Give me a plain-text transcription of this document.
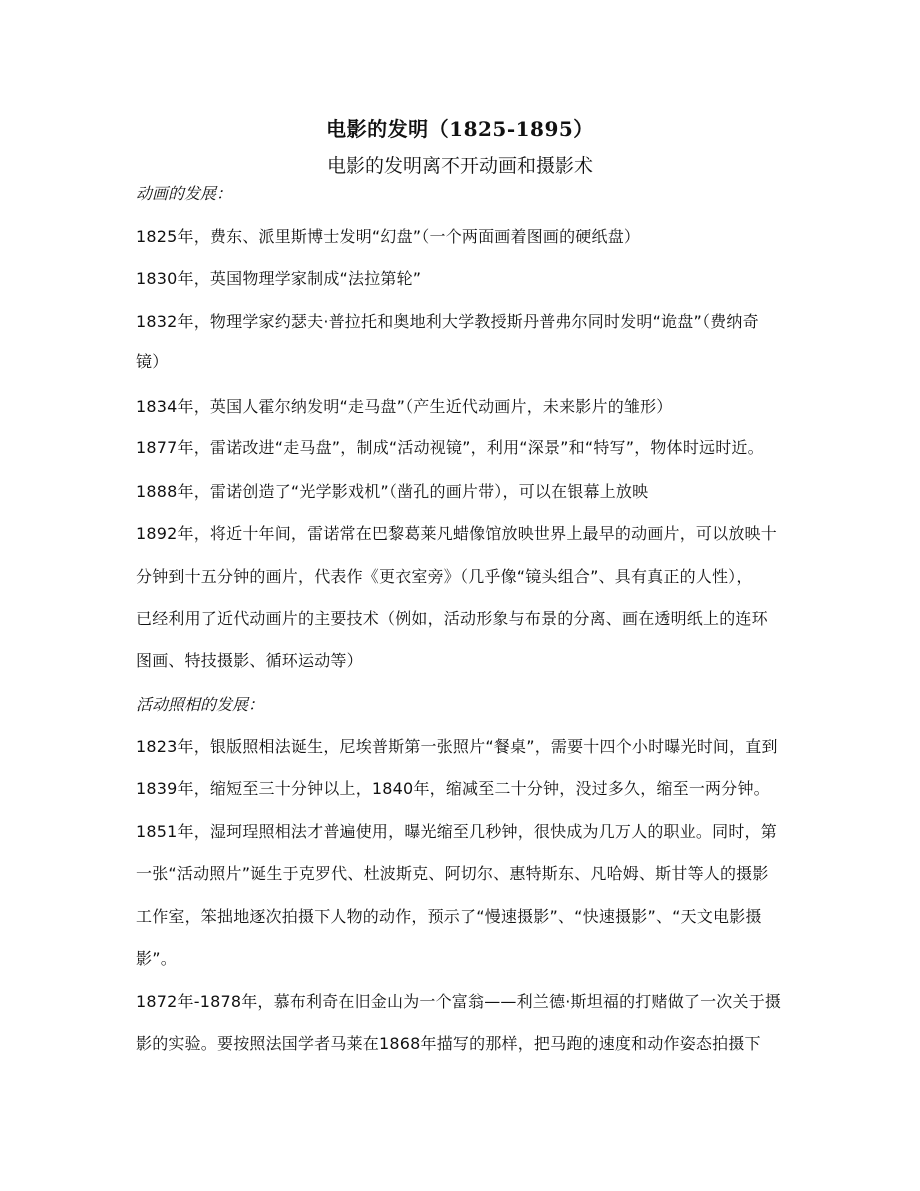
电影的发明（1825-1895）
电影的发明离不开动画和摄影术
动画的发展：
1825年，费东、派里斯博士发明“幻盘”（一个两面画着图画的硬纸盘）
1830年，英国物理学家制成“法拉第轮”
1832年，物理学家约瑟夫·普拉托和奥地利大学教授斯丹普弗尔同时发明“诡盘”（费纳奇
镜）
1834年，英国人霍尔纳发明“走马盘”（产生近代动画片，未来影片的雏形）
1877年，雷诺改进“走马盘”，制成“活动视镜”，利用“深景”和“特写”，物体时远时近。
1888年，雷诺创造了“光学影戏机”（凿孔的画片带），可以在银幕上放映
1892年，将近十年间，雷诺常在巴黎葛莱凡蜡像馆放映世界上最早的动画片，可以放映十
分钟到十五分钟的画片，代表作《更衣室旁》（几乎像“镜头组合”、具有真正的人性），
已经利用了近代动画片的主要技术（例如，活动形象与布景的分离、画在透明纸上的连环
图画、特技摄影、循环运动等）
活动照相的发展：
1823年，银版照相法诞生，尼埃普斯第一张照片“餐桌”，需要十四个小时曝光时间，直到
1839年，缩短至三十分钟以上，1840年，缩减至二十分钟，没过多久，缩至一两分钟。
1851年，湿珂珵照相法才普遍使用，曝光缩至几秒钟，很快成为几万人的职业。同时，第
一张“活动照片”诞生于克罗代、杜波斯克、阿切尔、惠特斯东、凡哈姆、斯甘等人的摄影
工作室，笨拙地逐次拍摄下人物的动作，预示了“慢速摄影”、“快速摄影”、“天文电影摄
影”。
1872年-1878年，慕布利奇在旧金山为一个富翁——利兰德·斯坦福的打赌做了一次关于摄
影的实验。要按照法国学者马莱在1868年描写的那样，把马跑的速度和动作姿态拍摄下
